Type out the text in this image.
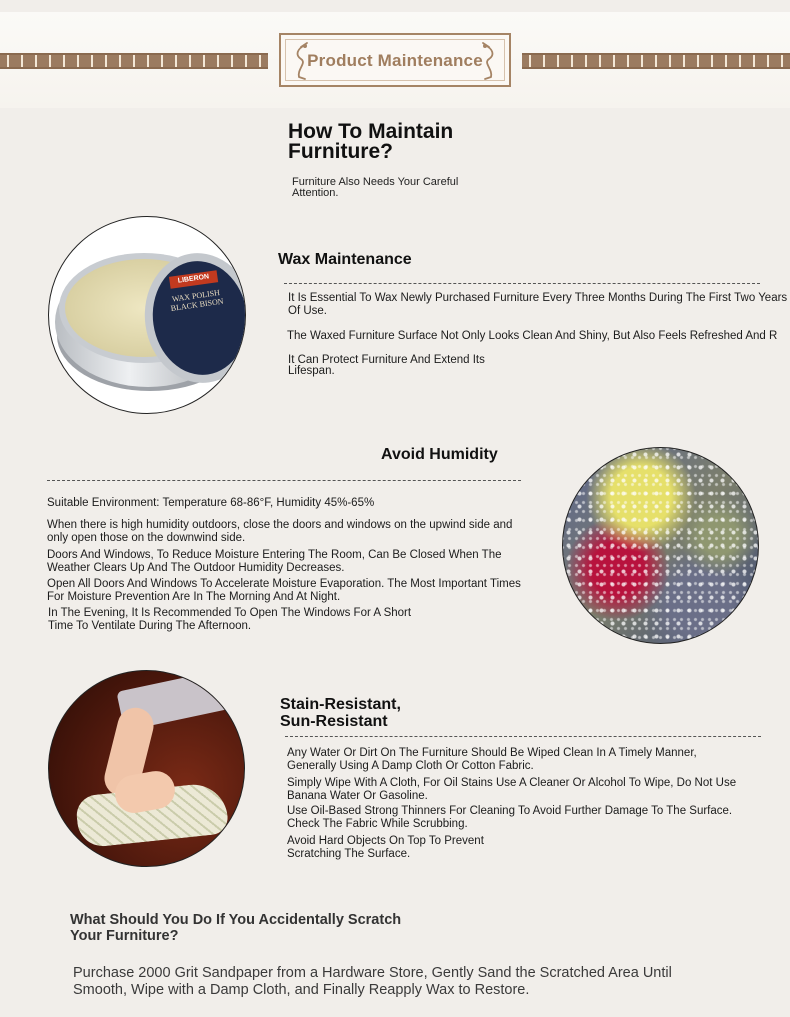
Product Maintenance
How To Maintain Furniture?
Furniture Also Needs Your Careful Attention.
LIBERON
WAX POLISH BLACK BISON
Wax Maintenance
It Is Essential To Wax Newly Purchased Furniture Every Three Months During The First Two Years Of Use.
The Waxed Furniture Surface Not Only Looks Clean And Shiny, But Also Feels Refreshed And R
It Can Protect Furniture And Extend Its Lifespan.
Avoid Humidity
Suitable Environment: Temperature 68-86°F, Humidity 45%-65%
When there is high humidity outdoors, close the doors and windows on the upwind side and only open those on the downwind side.
Doors And Windows, To Reduce Moisture Entering The Room, Can Be Closed When The Weather Clears Up And The Outdoor Humidity Decreases.
Open All Doors And Windows To Accelerate Moisture Evaporation. The Most Important Times For Moisture Prevention Are In The Morning And At Night.
In The Evening, It Is Recommended To Open The Windows For A Short Time To Ventilate During The Afternoon.
Stain-Resistant, Sun-Resistant
Any Water Or Dirt On The Furniture Should Be Wiped Clean In A Timely Manner, Generally Using A Damp Cloth Or Cotton Fabric.
Simply Wipe With A Cloth, For Oil Stains Use A Cleaner Or Alcohol To Wipe, Do Not Use Banana Water Or Gasoline.
Use Oil-Based Strong Thinners For Cleaning To Avoid Further Damage To The Surface. Check The Fabric While Scrubbing.
Avoid Hard Objects On Top To Prevent Scratching The Surface.
What Should You Do If You Accidentally Scratch Your Furniture?
Purchase 2000 Grit Sandpaper from a Hardware Store, Gently Sand the Scratched Area Until Smooth, Wipe with a Damp Cloth, and Finally Reapply Wax to Restore.
